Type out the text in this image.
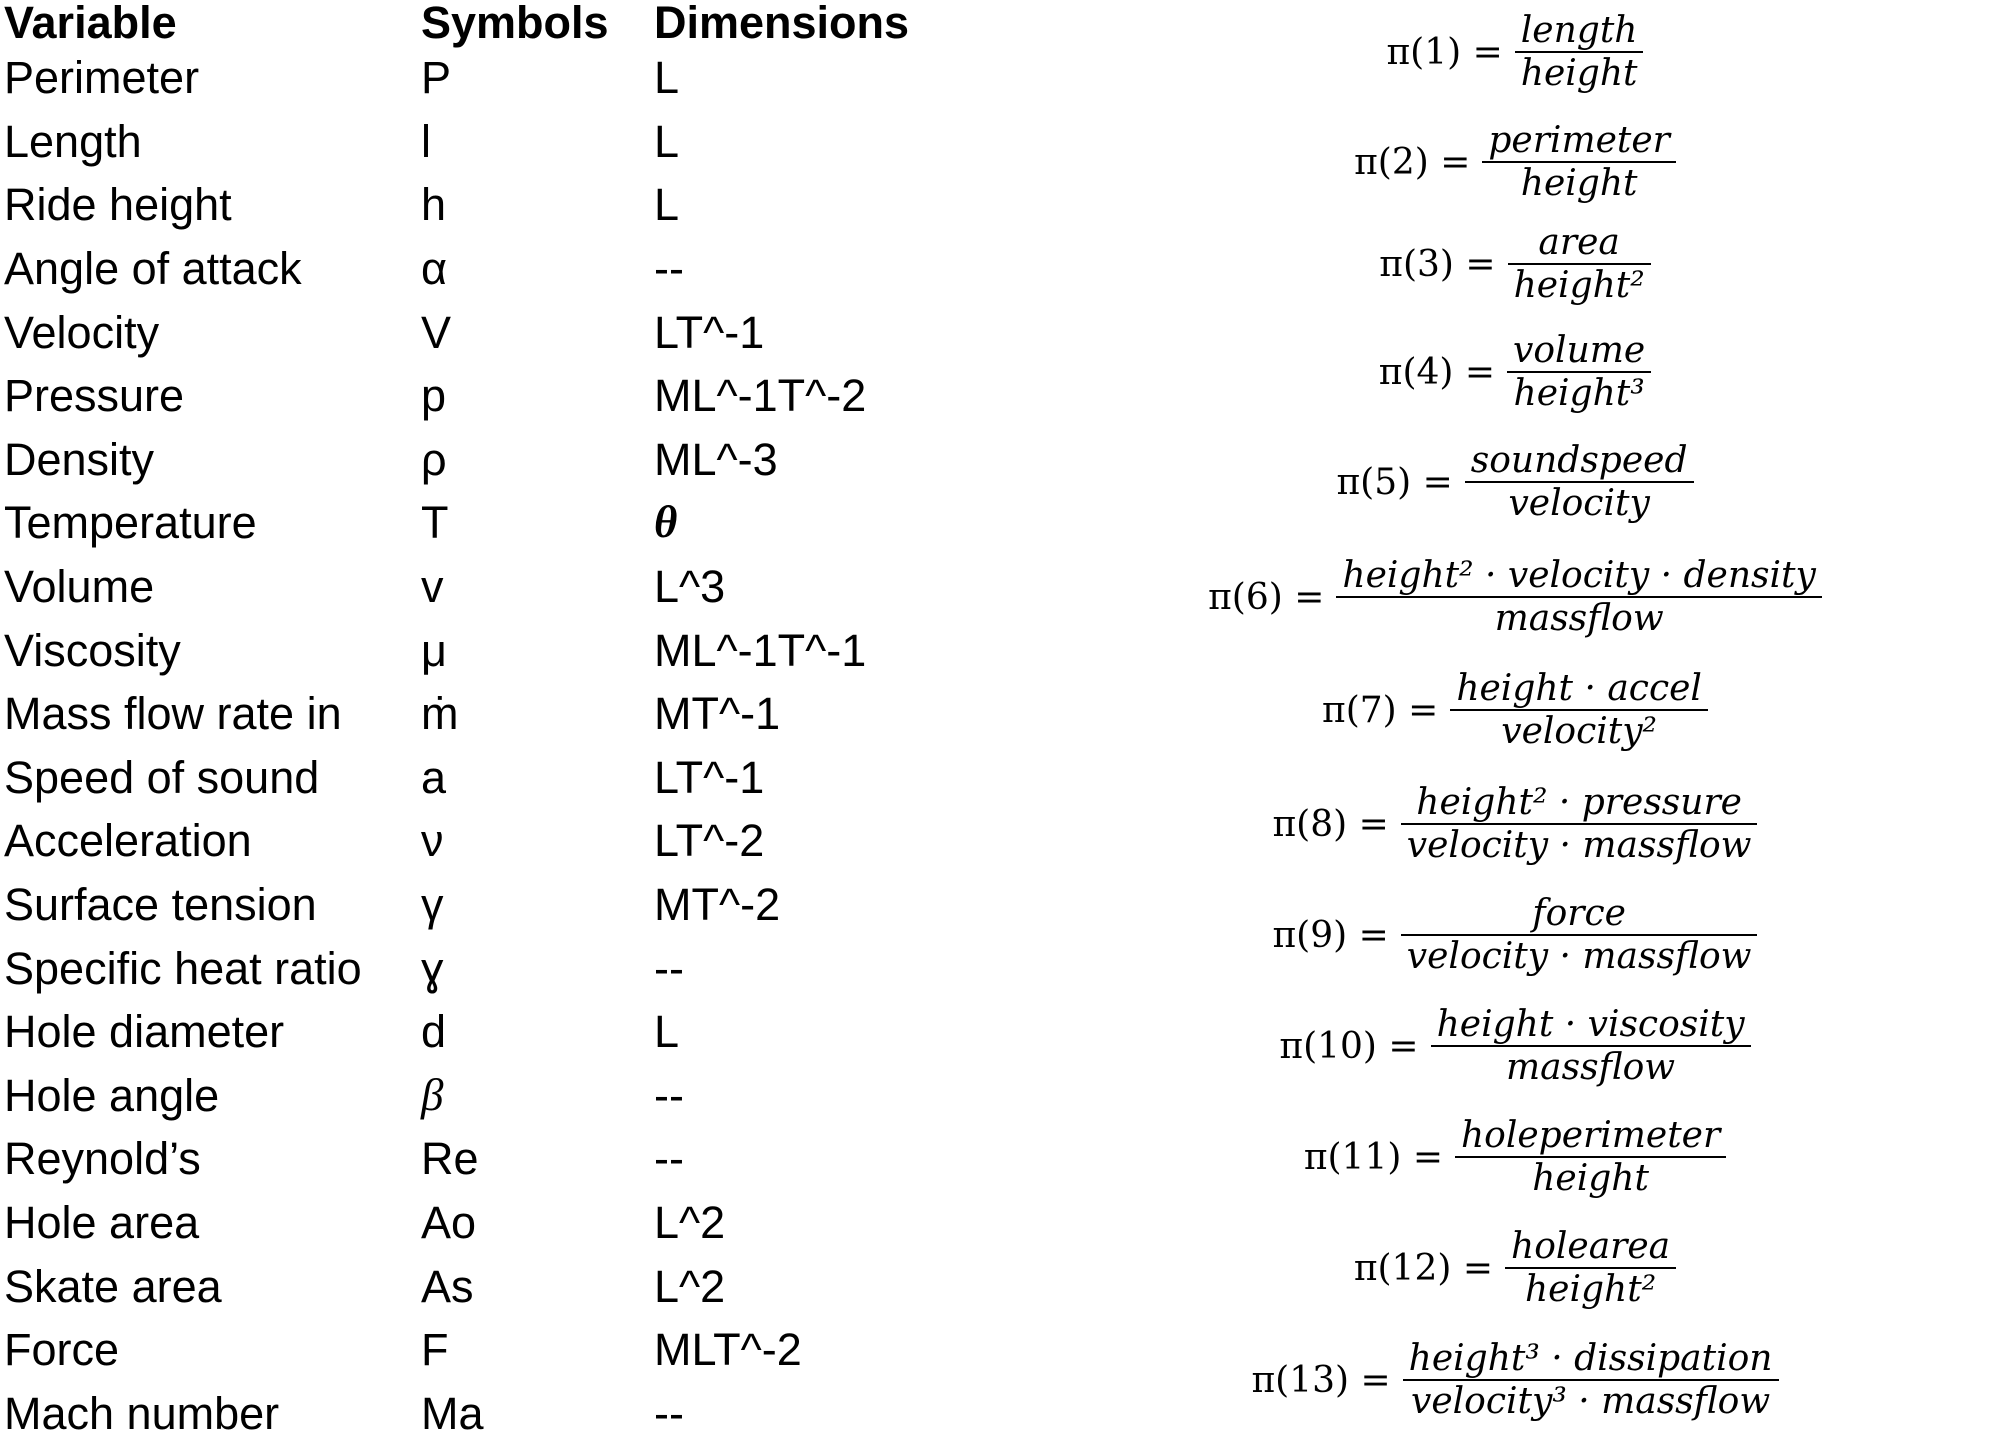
Variable	Symbols	Dimensions
Perimeter	P	L
Length	l	L
Ride height	h	L
Angle of attack	α	--
Velocity	V	LT^-1
Pressure	p	ML^-1T^-2
Density	ρ	ML^-3
Temperature	T	θ
Volume	v	L^3
Viscosity	μ	ML^-1T^-1
Mass flow rate in	ṁ	MT^-1
Speed of sound	a	LT^-1
Acceleration	ν	LT^-2
Surface tension	γ	MT^-2
Specific heat ratio	ɣ	--
Hole diameter	d	L
Hole angle	β	--
Reynold’s	Re	--
Hole area	Ao	L^2
Skate area	As	L^2
Force	F	MLT^-2
Mach number	Ma	--
$\pi(1) = \frac{\text{length}}{\text{height}}$
$\pi(2) = \frac{\text{perimeter}}{\text{height}}$
$\pi(3) = \frac{\text{area}}{\text{height²}}$
$\pi(4) = \frac{\text{volume}}{\text{height³}}$
$\pi(5) = \frac{\text{soundspeed}}{\text{velocity}}$
$\pi(6) = \frac{\text{height² · velocity · density}}{\text{massflow}}$
$\pi(7) = \frac{\text{height · accel}}{\text{velocity²}}$
$\pi(8) = \frac{\text{height² · pressure}}{\text{velocity · massflow}}$
$\pi(9) = \frac{\text{force}}{\text{velocity · massflow}}$
$\pi(10) = \frac{\text{height · viscosity}}{\text{massflow}}$
$\pi(11) = \frac{\text{holeperimeter}}{\text{height}}$
$\pi(12) = \frac{\text{holearea}}{\text{height²}}$
$\pi(13) = \frac{\text{height³ · dissipation}}{\text{velocity³ · massflow}}$
